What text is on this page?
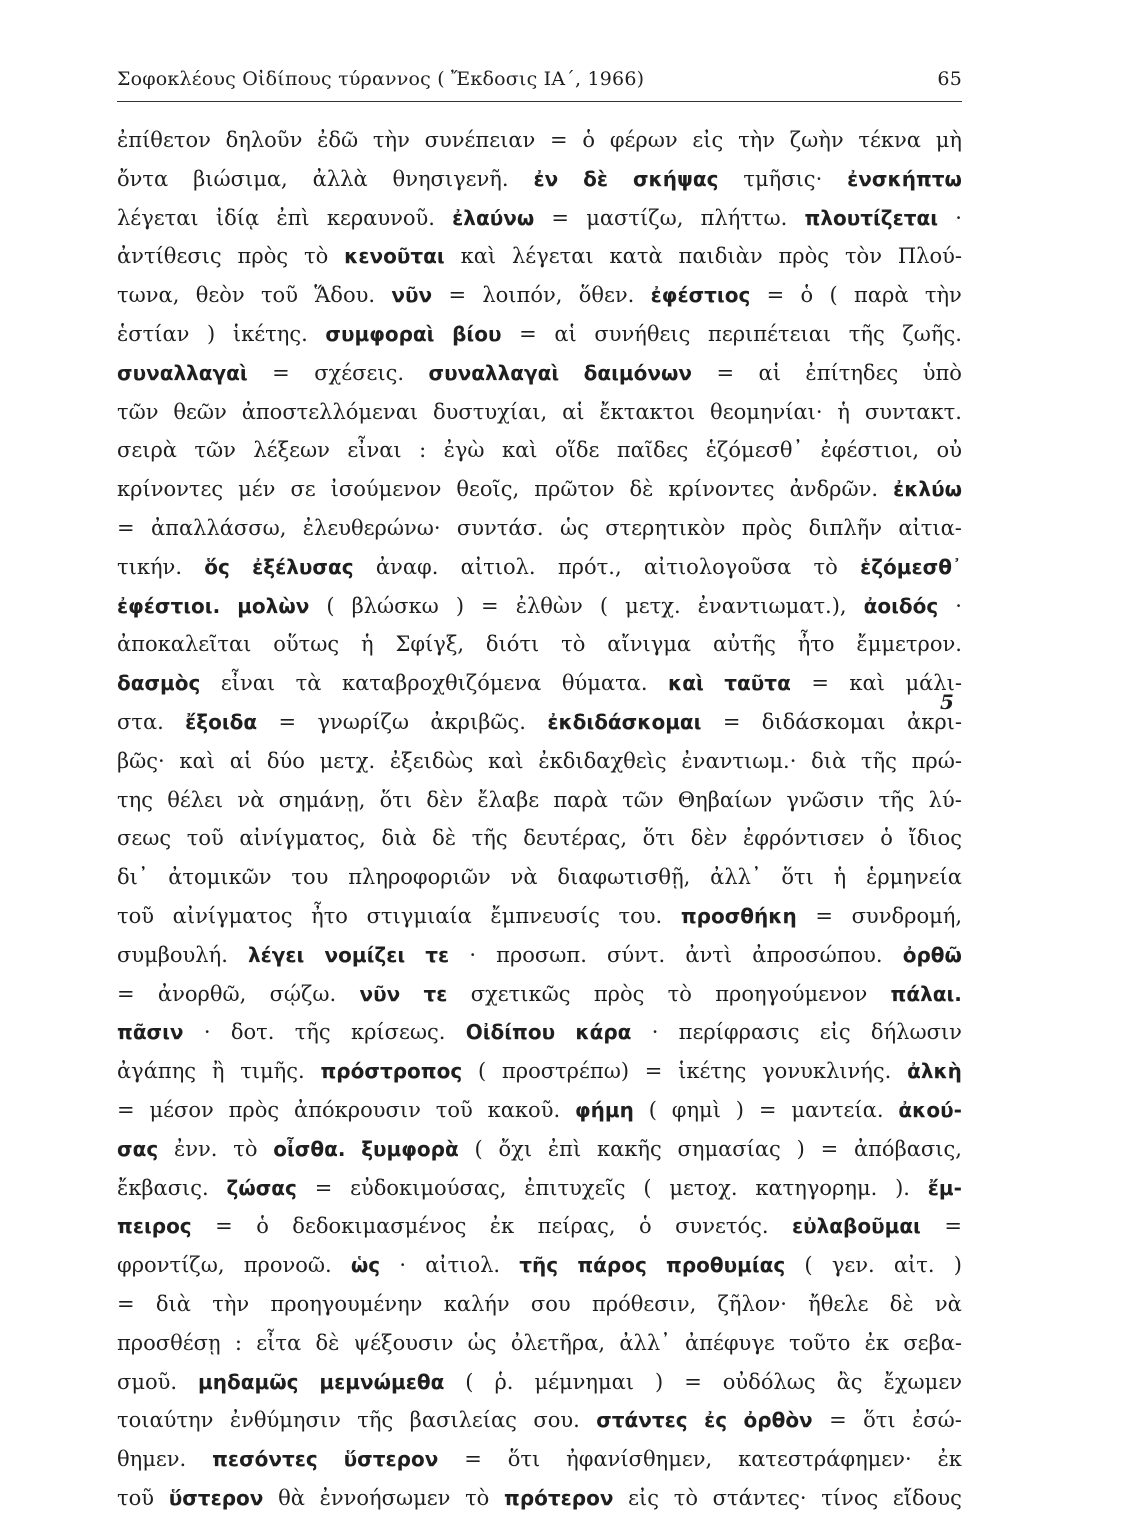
Σοφοκλέους Οἰδίπους τύραννος ( Ἔκδοσις ΙΑ΄, 1966)	65
ἐπίθετον δηλοῦν ἐδῶ τὴν συνέπειαν = ὁ φέρων εἰς τὴν ζωὴν τέκνα μὴ
ὄντα βιώσιμα, ἀλλὰ θνησιγενῆ. ἐν δὲ σκήψας τμῆσις· ἐνσκήπτω
λέγεται ἰδίᾳ ἐπὶ κεραυνοῦ. ἐλαύνω = μαστίζω, πλήττω. πλουτίζεται ·
ἀντίθεσις πρὸς τὸ κενοῦται καὶ λέγεται κατὰ παιδιὰν πρὸς τὸν Πλού-
τωνα, θεὸν τοῦ Ἅδου. νῦν = λοιπόν, ὅθεν. ἐφέστιος = ὁ ( παρὰ τὴν
ἑστίαν ) ἱκέτης. συμφοραὶ βίου = αἱ συνήθεις περιπέτειαι τῆς ζωῆς.
συναλλαγαὶ = σχέσεις. συναλλαγαὶ δαιμόνων = αἱ ἐπίτηδες ὑπὸ
τῶν θεῶν ἀποστελλόμεναι δυστυχίαι, αἱ ἔκτακτοι θεομηνίαι· ἡ συντακτ.
σειρὰ τῶν λέξεων εἶναι : ἐγὼ καὶ οἵδε παῖδες ἑζόμεσθ᾿ ἐφέστιοι, οὐ
κρίνοντες μέν σε ἰσούμενον θεοῖς, πρῶτον δὲ κρίνοντες ἀνδρῶν. ἐκλύω
= ἀπαλλάσσω, ἐλευθερώνω· συντάσ. ὡς στερητικὸν πρὸς διπλῆν αἰτια-
τικήν. ὅς ἐξέλυσας ἀναφ. αἰτιολ. πρότ., αἰτιολογοῦσα τὸ ἑζόμεσθ᾿
ἐφέστιοι. μολὼν ( βλώσκω ) = ἐλθὼν ( μετχ. ἐναντιωματ.), ἀοιδός ·
ἀποκαλεῖται οὕτως ἡ Σφίγξ, διότι τὸ αἴνιγμα αὐτῆς ἦτο ἔμμετρον.
δασμὸς εἶναι τὰ καταβροχθιζόμενα θύματα. καὶ ταῦτα = καὶ μάλι-
στα. ἔξοιδα = γνωρίζω ἀκριβῶς. ἐκδιδάσκομαι = διδάσκομαι ἀκρι-
βῶς· καὶ αἱ δύο μετχ. ἐξειδὼς καὶ ἐκδιδαχθεὶς ἐναντιωμ.· διὰ τῆς πρώ-
της θέλει νὰ σημάνῃ, ὅτι δὲν ἔλαβε παρὰ τῶν Θηβαίων γνῶσιν τῆς λύ-
σεως τοῦ αἰνίγματος, διὰ δὲ τῆς δευτέρας, ὅτι δὲν ἐφρόντισεν ὁ ἴδιος
δι᾿ ἀτομικῶν του πληροφοριῶν νὰ διαφωτισθῇ, ἀλλ᾿ ὅτι ἡ ἑρμηνεία
τοῦ αἰνίγματος ἦτο στιγμιαία ἔμπνευσίς του. προσθήκη = συνδρομή,
συμβουλή. λέγει νομίζει τε · προσωπ. σύντ. ἀντὶ ἀπροσώπου. ὀρθῶ
= ἀνορθῶ, σῴζω. νῦν τε σχετικῶς πρὸς τὸ προηγούμενον πάλαι.
πᾶσιν · δοτ. τῆς κρίσεως. Οἰδίπου κάρα · περίφρασις εἰς δήλωσιν
ἀγάπης ἢ τιμῆς. πρόστροπος ( προστρέπω) = ἱκέτης γονυκλινής. ἀλκὴ
= μέσον πρὸς ἀπόκρουσιν τοῦ κακοῦ. φήμη ( φημὶ ) = μαντεία. ἀκού-
σας ἐνν. τὸ οἶσθα. ξυμφορὰ ( ὄχι ἐπὶ κακῆς σημασίας ) = ἀπόβασις,
ἔκβασις. ζώσας = εὐδοκιμούσας, ἐπιτυχεῖς ( μετοχ. κατηγορημ. ). ἔμ-
πειρος = ὁ δεδοκιμασμένος ἐκ πείρας, ὁ συνετός. εὐλαβοῦμαι =
φροντίζω, προνοῶ. ὡς · αἰτιολ. τῆς πάρος προθυμίας ( γεν. αἰτ. )
= διὰ τὴν προηγουμένην καλήν σου πρόθεσιν, ζῆλον· ἤθελε δὲ νὰ
προσθέσῃ : εἶτα δὲ ψέξουσιν ὡς ὀλετῆρα, ἀλλ᾿ ἀπέφυγε τοῦτο ἐκ σεβα-
σμοῦ. μηδαμῶς μεμνώμεθα ( ῥ. μέμνημαι ) = οὐδόλως ἂς ἔχωμεν
τοιαύτην ἐνθύμησιν τῆς βασιλείας σου. στάντες ἐς ὀρθὸν = ὅτι ἐσώ-
θημεν. πεσόντες ὕστερον = ὅτι ἠφανίσθημεν, κατεστράφημεν· ἐκ
τοῦ ὕστερον θὰ ἐννοήσωμεν τὸ πρότερον εἰς τὸ στάντες· τίνος εἴδους
5
